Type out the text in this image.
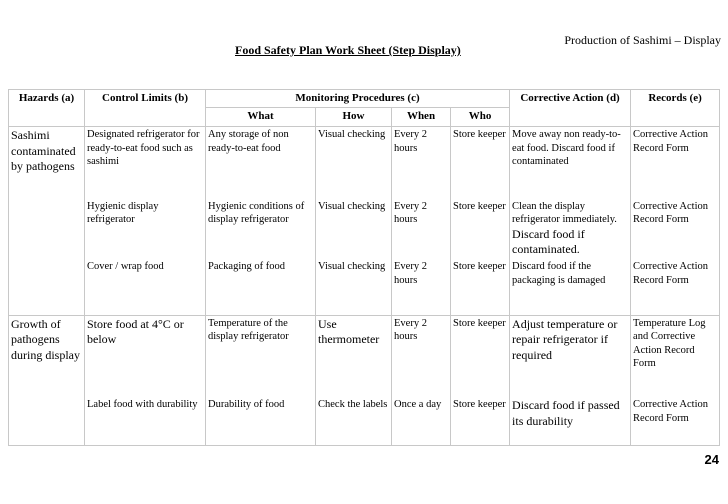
Production of Sashimi – Display
Food Safety Plan Work Sheet (Step Display)
Hazards (a)	Control Limits (b)	Monitoring Procedures (c)				Corrective Action (d)	Records (e)
		What	How	When	Who		
Sashimi contaminated by pathogens	Designated refrigerator for ready-to-eat food such as sashimi	Any storage of non ready-to-eat food	Visual checking	Every 2 hours	Store keeper	Move away non ready-to-eat food. Discard food if contaminated	Corrective Action Record Form
	Hygienic display refrigerator	Hygienic conditions of display refrigerator	Visual checking	Every 2 hours	Store keeper	Clean the display refrigerator immediately. Discard food if contaminated.	Corrective Action Record Form
	Cover / wrap food	Packaging of food	Visual checking	Every 2 hours	Store keeper	Discard food if the packaging is damaged	Corrective Action Record Form
Growth of pathogens during display	Store food at 4°C or below	Temperature of the display refrigerator	Use thermometer	Every 2 hours	Store keeper	Adjust temperature or repair refrigerator if required	Temperature Log and Corrective Action Record Form
	Label food with durability	Durability of food	Check the labels	Once a day	Store keeper	Discard food if passed its durability	Corrective Action Record Form
24
